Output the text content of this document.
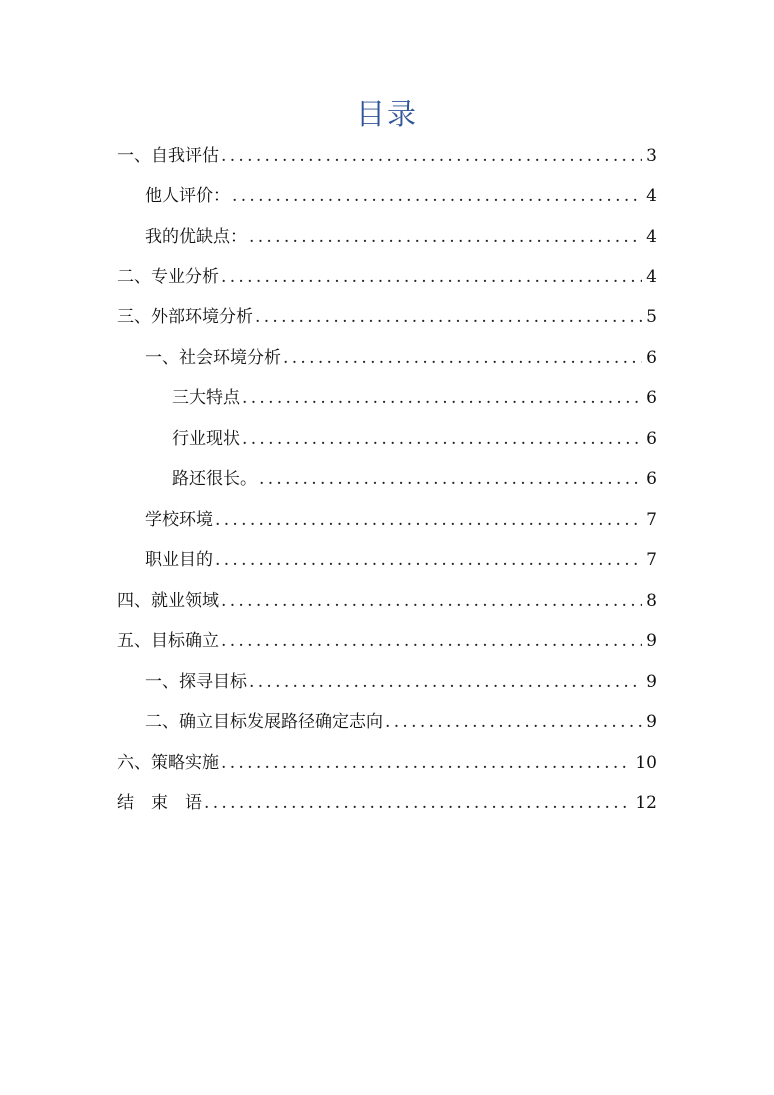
目录
一、自我评估 . . .	3
他人评价： . . .	4
我的优缺点： . . .	4
二、专业分析 . . .	4
三、外部环境分析 . . .	5
一、社会环境分析 . . .	6
三大特点 . . .	6
行业现状 . . .	6
路还很长。 . . .	6
学校环境 . . .	7
职业目的 . . .	7
四、就业领域 . . .	8
五、目标确立 . . .	9
一、探寻目标 . . .	9
二、确立目标发展路径确定志向 . . .	9
六、策略实施 . . .	10
结　束　语 . . .	12
